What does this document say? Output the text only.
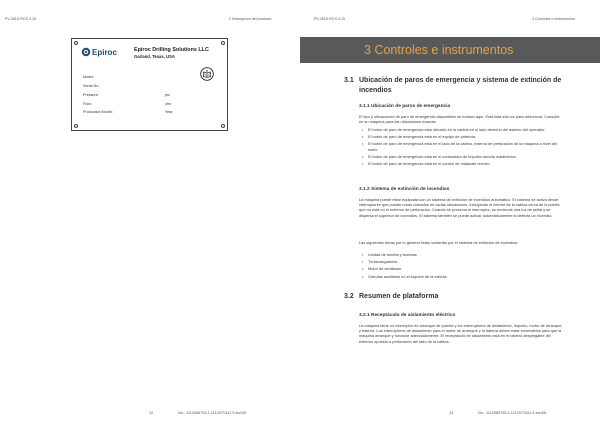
PV-351D RCS 4.15	2 Descripción del producto
Epiroc	Epiroc Drilling Solutions LLC
Garland, Texas, USA
Model:
Serial No.:
Pressure:	psi
Flow:	cfm
Production Month:	Year:
12	No.: 1112985755.1.1112971341 9-es/4/6
PV-351D RCS 4.15	3 Controles e instrumentos
3 Controles e instrumentos
3.1 Ubicación de paros de emergencia y sistema de extinción de incendios
3.1.1 Ubicación de paros de emergencia

El tipo y ubicaciones de paro de emergencia disponibles se indican aquí. Esta lista sólo es para referencia. Consulte en su máquina para las ubicaciones exactas.

• El botón de paro de emergencia está ubicado en la cabina en el lado derecho del asiento del operador.
• El botón de paro de emergencia está en el equipo de potencia.
• El botón de paro de emergencia está en el lado de la cabina, externa de perforación de la máquina a nivel del suelo.
• El botón de paro de emergencia está en el controlador de impulso remoto inalámbrico.
• El botón de paro de emergencia está en el control de malacate remoto.
3.1.2 Sistema de extinción de incendios

La máquina puede estar equipada con un sistema de extinción de incendios automático. El sistema se activa desde interruptores que pueden estar ubicados en varias ubicaciones, incluyendo el interior de la cabina cerca de la puerta que no está en el extremo de perforación. Cuando se presiona el interruptor, se enciende una luz de señal y se dispersa el supresor de incendios. El sistema también se puede activar automáticamente si detecta un incendio.

Las siguientes áreas por lo general están cubiertas por el sistema de extinción de incendios:

• Unidad de bomba y bombas
• Turbocargadores
• Motor de ventilador
• Válvulas auxiliares en el soporte de la válvula
3.2 Resumen de plataforma
3.2.1 Receptáculo de aislamiento eléctrico

La máquina tiene un interruptor de arranque de puente y los interruptores de aislamiento, impulso, motor de arranque, y batería. Los interruptores de aislamiento para el motor de arranque y la batería deben estar encendidos para que la máquina arranque y funcione adecuadamente. El receptáculo de aislamiento está en el tablero desplegable del extremo opuesto a perforación del lado de la cabina.

13	No.: 1112985755.1.1112971341 9-es/4/6
